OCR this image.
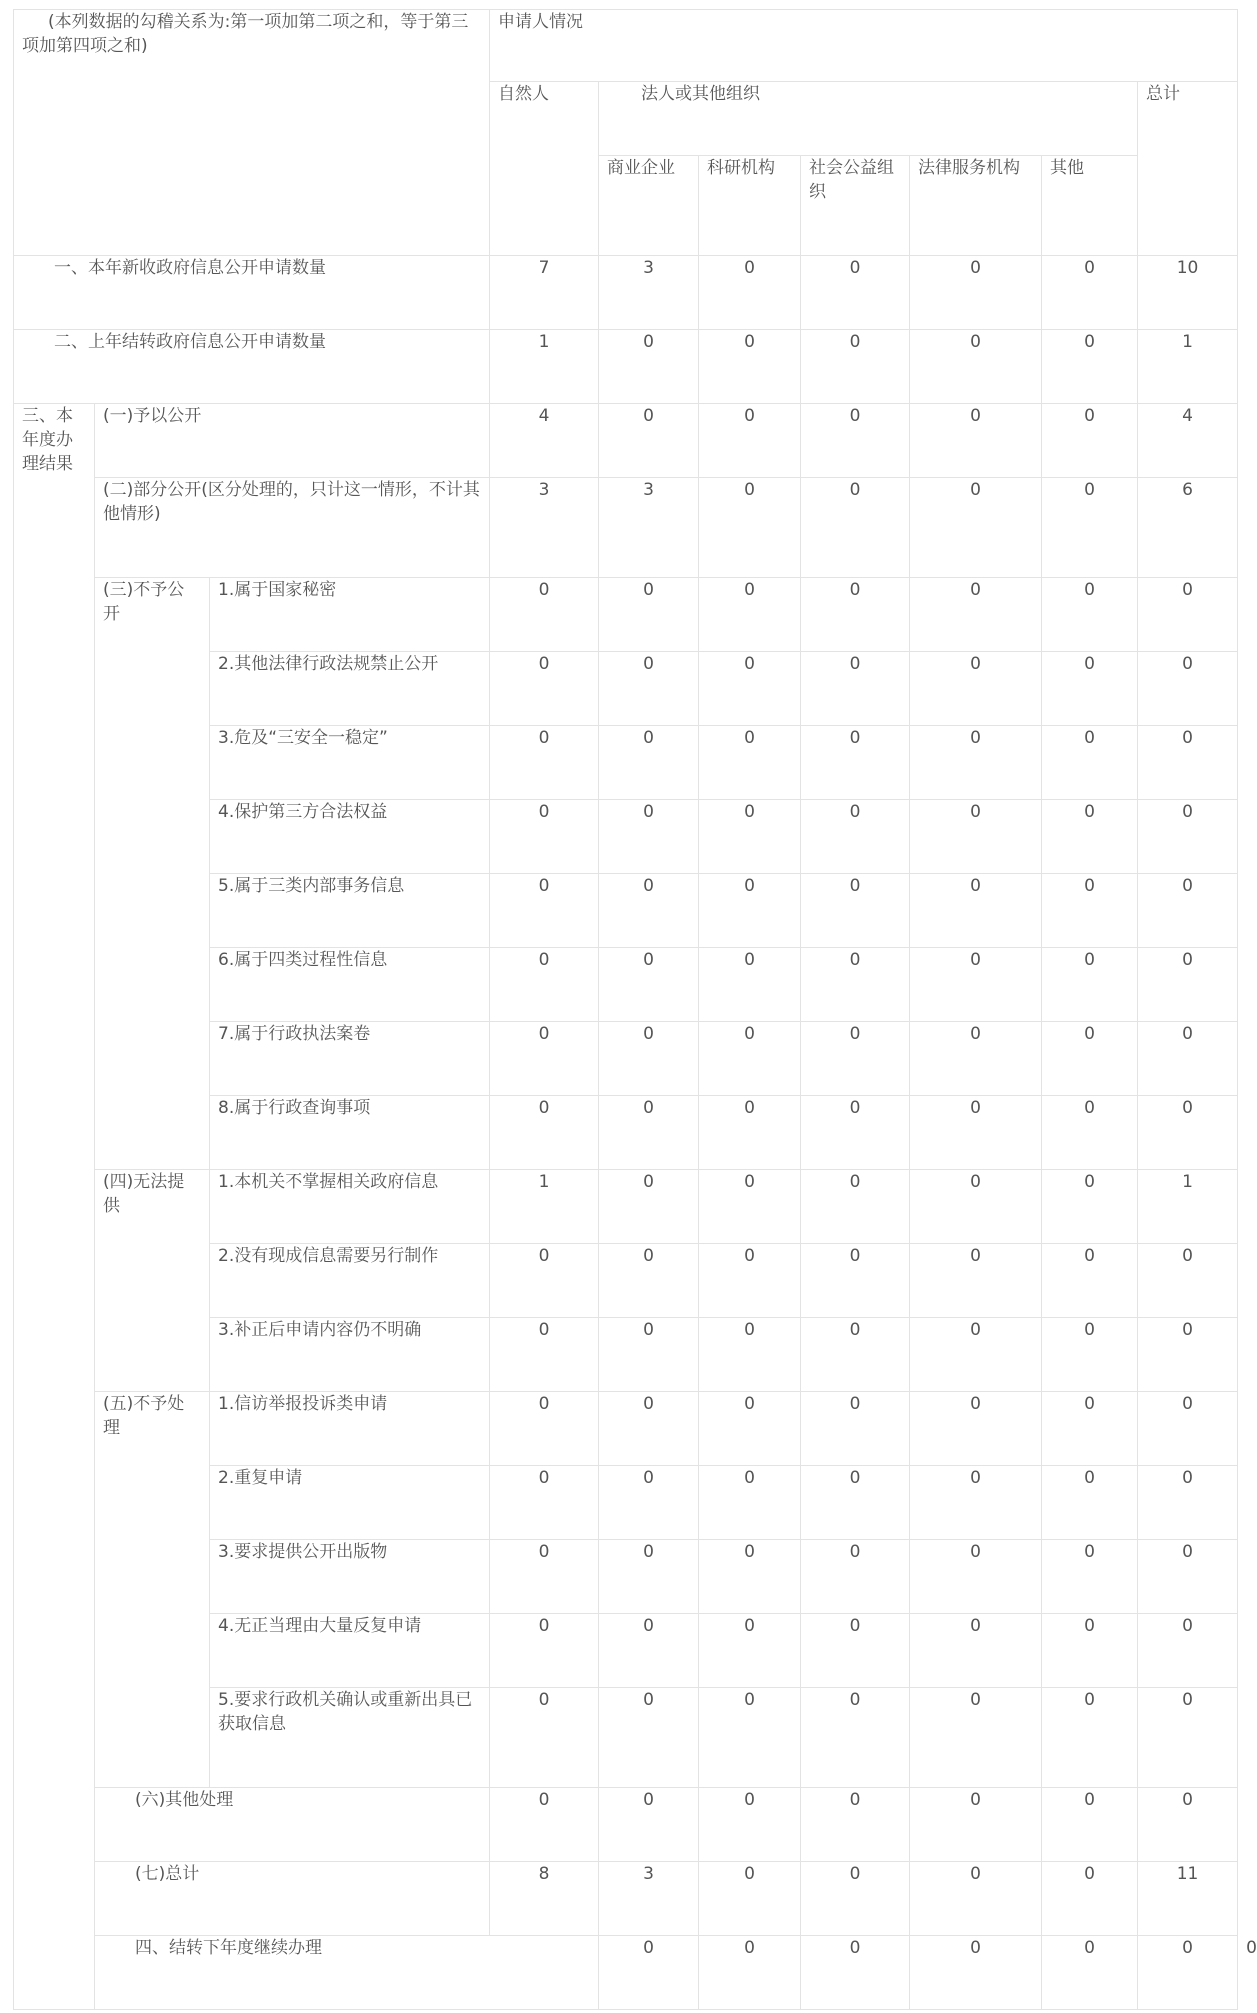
(本列数据的勾稽关系为:第一项加第二项之和，等于第三项加第四项之和)			申请人情况							
			自然人	法人或其他组织					总计	
				商业企业	科研机构	社会公益组织	法律服务机构	其他		
一、本年新收政府信息公开申请数量			7	3	0	0	0	0	10	
二、上年结转政府信息公开申请数量			1	0	0	0	0	0	1	
三、本年度办理结果	(一)予以公开		4	0	0	0	0	0	4	
	(二)部分公开(区分处理的，只计这一情形，不计其他情形)		3	3	0	0	0	0	6	
	(三)不予公开	1.属于国家秘密	0	0	0	0	0	0	0	
		2.其他法律行政法规禁止公开	0	0	0	0	0	0	0	
		3.危及“三安全一稳定”	0	0	0	0	0	0	0	
		4.保护第三方合法权益	0	0	0	0	0	0	0	
		5.属于三类内部事务信息	0	0	0	0	0	0	0	
		6.属于四类过程性信息	0	0	0	0	0	0	0	
		7.属于行政执法案卷	0	0	0	0	0	0	0	
		8.属于行政查询事项	0	0	0	0	0	0	0	
	(四)无法提供	1.本机关不掌握相关政府信息	1	0	0	0	0	0	1	
		2.没有现成信息需要另行制作	0	0	0	0	0	0	0	
		3.补正后申请内容仍不明确	0	0	0	0	0	0	0	
	(五)不予处理	1.信访举报投诉类申请	0	0	0	0	0	0	0	
		2.重复申请	0	0	0	0	0	0	0	
		3.要求提供公开出版物	0	0	0	0	0	0	0	
		4.无正当理由大量反复申请	0	0	0	0	0	0	0	
		5.要求行政机关确认或重新出具已获取信息	0	0	0	0	0	0	0	
	(六)其他处理		0	0	0	0	0	0	0	
	(七)总计		8	3	0	0	0	0	11	
	四、结转下年度继续办理			0	0	0	0	0	0	0
